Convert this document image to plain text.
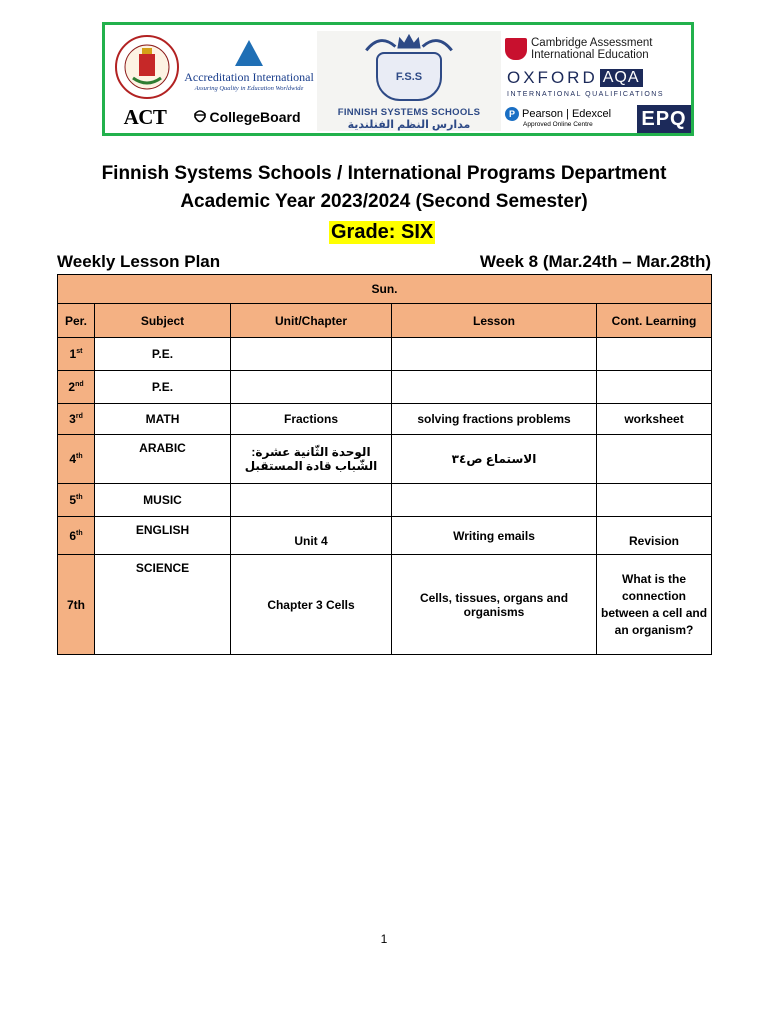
Accreditation International
Assuring Quality in Education Worldwide
ACT	CollegeBoard
F.S.S
FINNISH SYSTEMS SCHOOLS
مدارس النظم الفنلندية
Cambridge Assessment
International Education
OXFORD AQA
INTERNATIONAL QUALIFICATIONS
P Pearson | Edexcel
Approved Online Centre EPQ
Finnish Systems Schools / International Programs Department
Academic Year 2023/2024 (Second Semester)
Grade: SIX
Weekly Lesson Plan	Week 8 (Mar.24th – Mar.28th)
Sun.				
Per.	Subject	Unit/Chapter	Lesson	Cont. Learning
1st	P.E.			
2nd	P.E.			
3rd	MATH	Fractions	solving fractions problems	worksheet
4th	ARABIC	الوحدة الثّانية عشرة: الشّباب قادة المستقبل	الاستماع ص٣٤	
5th	MUSIC			
6th	ENGLISH	Unit 4	Writing emails	Revision
7th	SCIENCE	Chapter 3 Cells	Cells, tissues, organs and organisms	What is the connection between a cell and an organism?
1
